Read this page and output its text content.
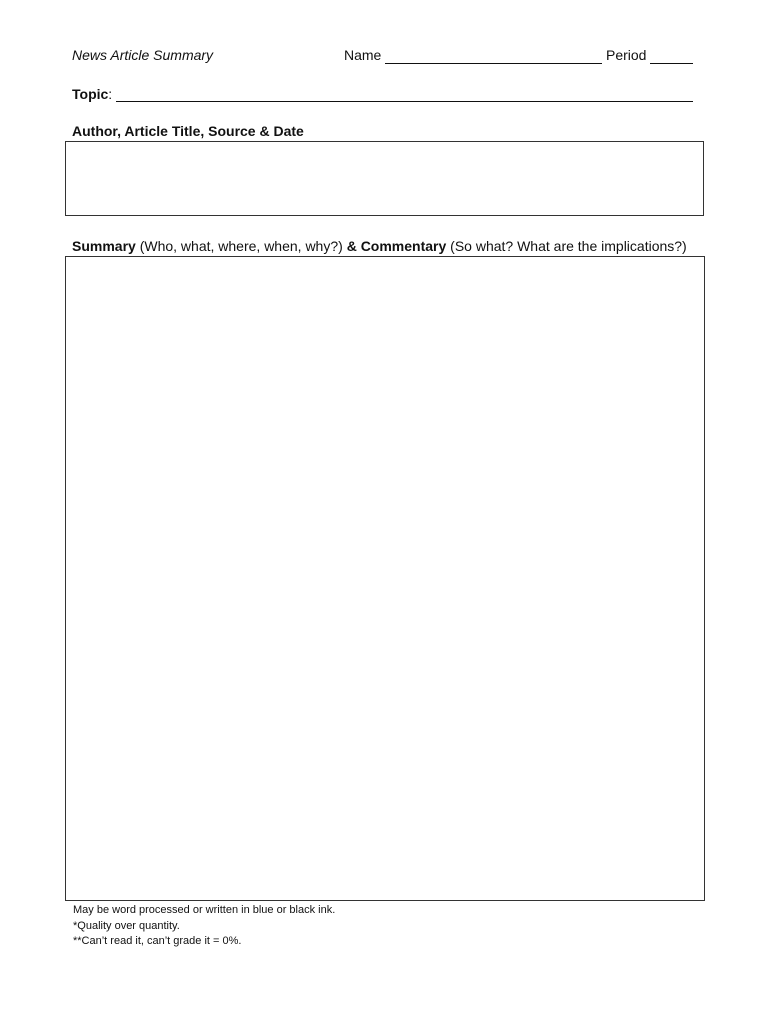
News Article Summary	Name	Period
Topic:
Author, Article Title, Source & Date
Summary (Who, what, where, when, why?) & Commentary (So what? What are the implications?)
May be word processed or written in blue or black ink.
*Quality over quantity.
**Can’t read it, can’t grade it = 0%.
